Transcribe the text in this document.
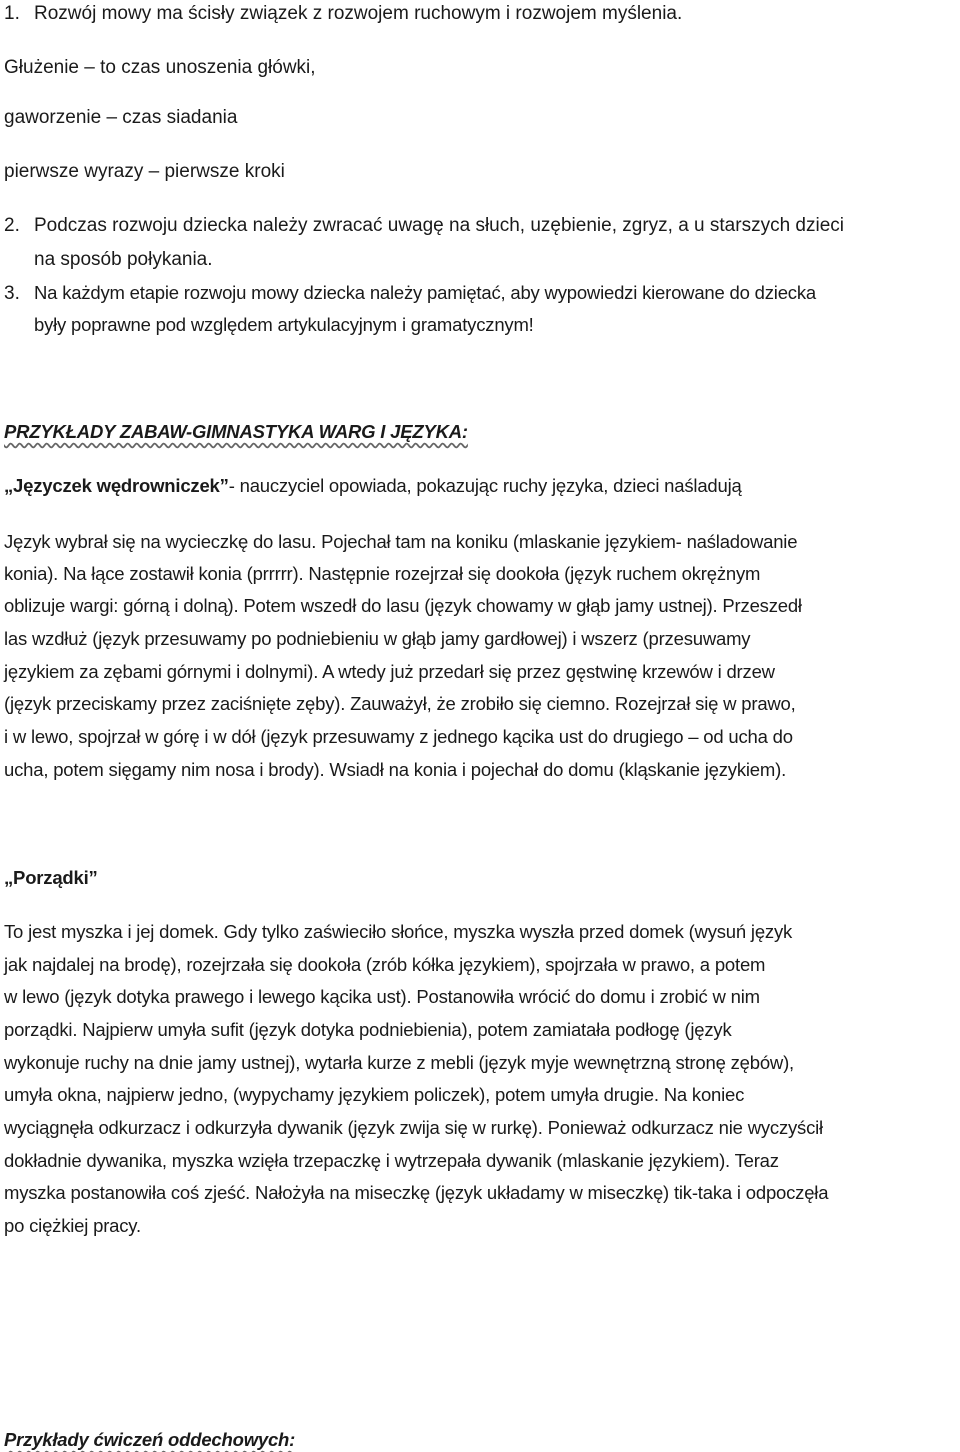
1. Rozwój mowy ma ścisły związek z rozwojem ruchowym i rozwojem myślenia.
Głużenie – to czas unoszenia główki,
gaworzenie – czas siadania
pierwsze wyrazy – pierwsze kroki
2. Podczas rozwoju dziecka należy zwracać uwagę na słuch, uzębienie, zgryz, a u starszych dzieci
na sposób połykania.
3. Na każdym etapie rozwoju mowy dziecka należy pamiętać, aby wypowiedzi kierowane do dziecka
były poprawne pod względem artykulacyjnym i gramatycznym!
PRZYKŁADY ZABAW-GIMNASTYKA WARG I JĘZYKA:
„Języczek wędrowniczek”- nauczyciel opowiada, pokazując ruchy języka, dzieci naśladują
Język wybrał się na wycieczkę do lasu. Pojechał tam na koniku (mlaskanie językiem- naśladowanie
konia). Na łące zostawił konia (prrrrr). Następnie rozejrzał się dookoła (język ruchem okrężnym
oblizuje wargi: górną i dolną). Potem wszedł do lasu (język chowamy w głąb jamy ustnej). Przeszedł
las wzdłuż (język przesuwamy po podniebieniu w głąb jamy gardłowej) i wszerz (przesuwamy
językiem za zębami górnymi i dolnymi). A wtedy już przedarł się przez gęstwinę krzewów i drzew
(język przeciskamy przez zaciśnięte zęby). Zauważył, że zrobiło się ciemno. Rozejrzał się w prawo,
i w lewo, spojrzał w górę i w dół (język przesuwamy z jednego kącika ust do drugiego – od ucha do
ucha, potem sięgamy nim nosa i brody). Wsiadł na konia i pojechał do domu (kląskanie językiem).
„Porządki”
To jest myszka i jej domek. Gdy tylko zaświeciło słońce, myszka wyszła przed domek (wysuń język
jak najdalej na brodę), rozejrzała się dookoła (zrób kółka językiem), spojrzała w prawo, a potem
w lewo (język dotyka prawego i lewego kącika ust). Postanowiła wrócić do domu i zrobić w nim
porządki. Najpierw umyła sufit (język dotyka podniebienia), potem zamiatała podłogę (język
wykonuje ruchy na dnie jamy ustnej), wytarła kurze z mebli (język myje wewnętrzną stronę zębów),
umyła okna, najpierw jedno, (wypychamy językiem policzek), potem umyła drugie. Na koniec
wyciągnęła odkurzacz i odkurzyła dywanik (język zwija się w rurkę). Ponieważ odkurzacz nie wyczyścił
dokładnie dywanika, myszka wzięła trzepaczkę i wytrzepała dywanik (mlaskanie językiem). Teraz
myszka postanowiła coś zjeść. Nałożyła na miseczkę (język układamy w miseczkę) tik-taka i odpoczęła
po ciężkiej pracy.
Przykłady ćwiczeń oddechowych:
